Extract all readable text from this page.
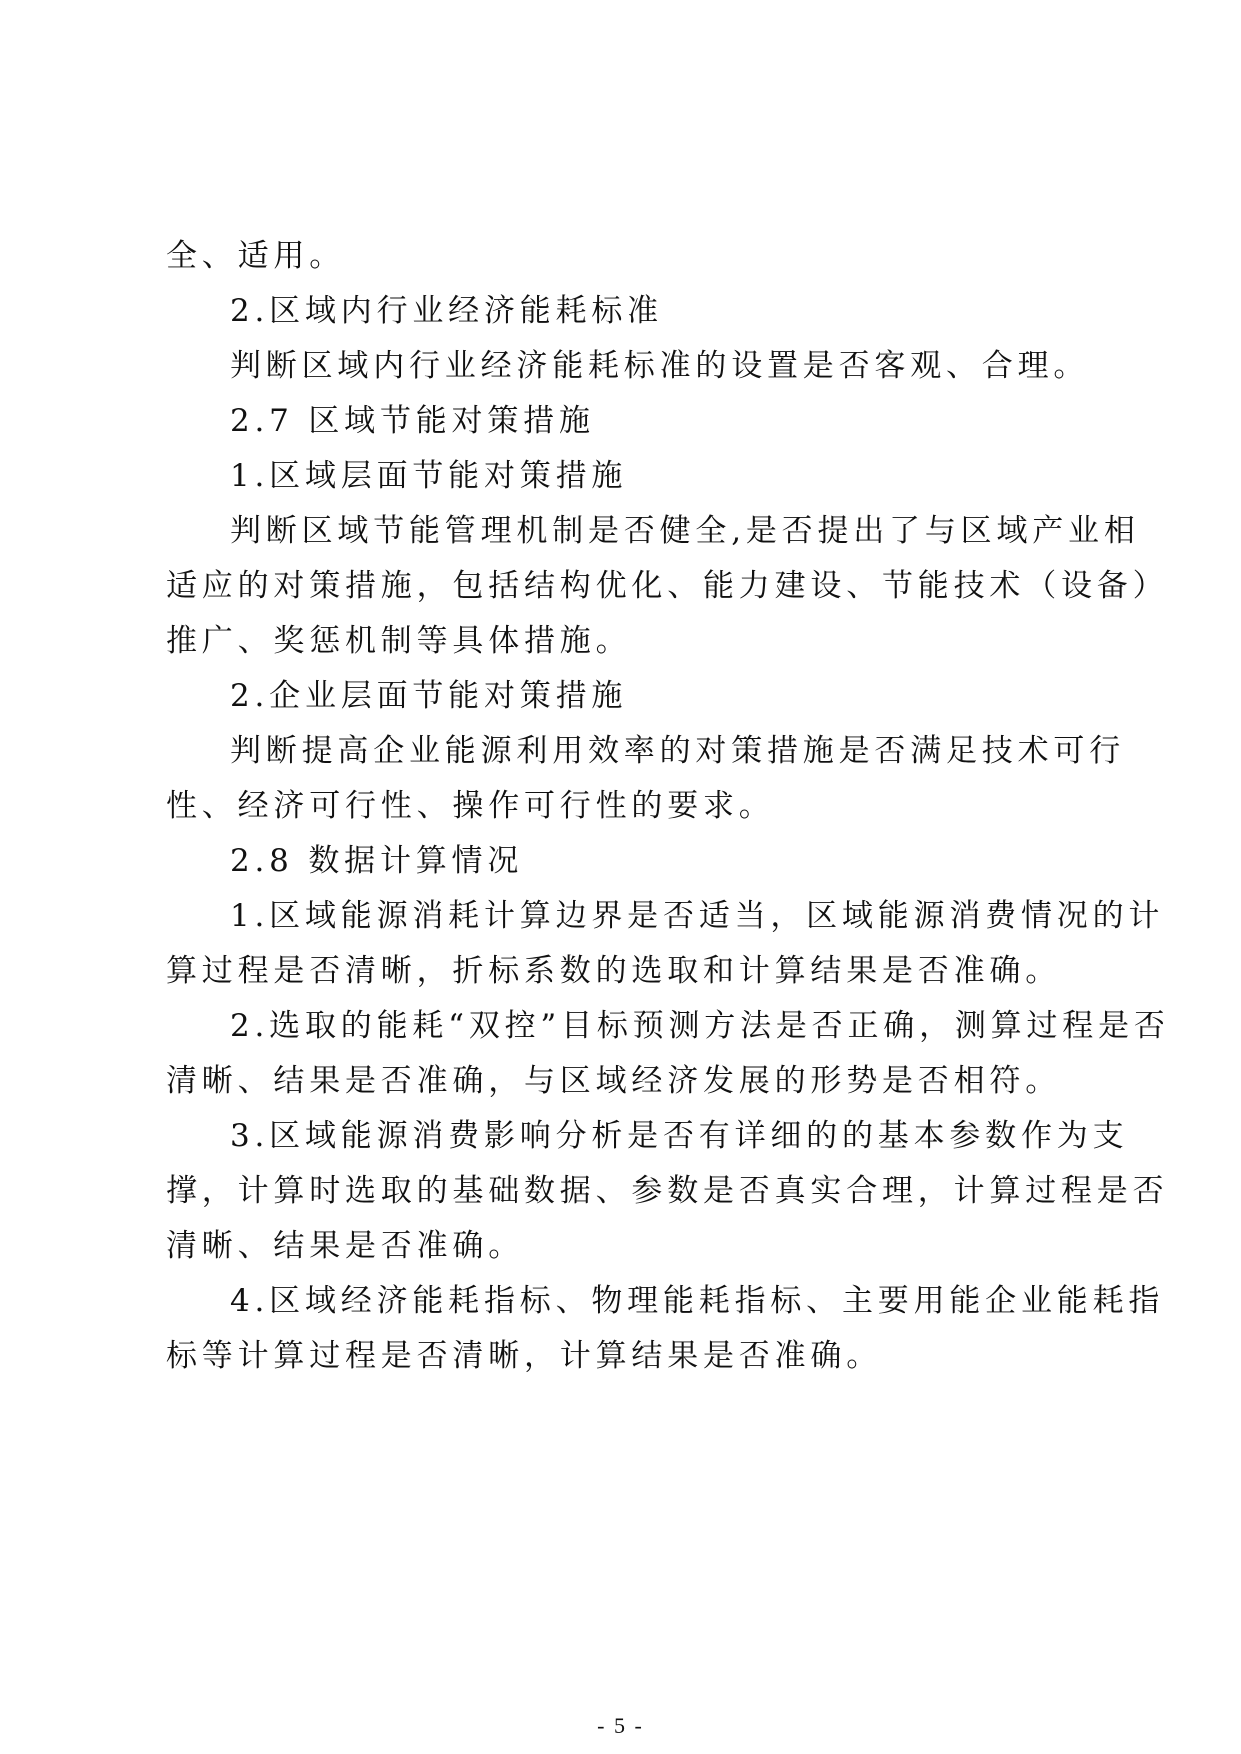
全、适用。
2.区域内行业经济能耗标准
判断区域内行业经济能耗标准的设置是否客观、合理。
2.7 区域节能对策措施
1.区域层面节能对策措施
判断区域节能管理机制是否健全,是否提出了与区域产业相
适应的对策措施，包括结构优化、能力建设、节能技术（设备）
推广、奖惩机制等具体措施。
2.企业层面节能对策措施
判断提高企业能源利用效率的对策措施是否满足技术可行
性、经济可行性、操作可行性的要求。
2.8 数据计算情况
1.区域能源消耗计算边界是否适当，区域能源消费情况的计
算过程是否清晰，折标系数的选取和计算结果是否准确。
2.选取的能耗“双控”目标预测方法是否正确，测算过程是否
清晰、结果是否准确，与区域经济发展的形势是否相符。
3.区域能源消费影响分析是否有详细的的基本参数作为支
撑，计算时选取的基础数据、参数是否真实合理，计算过程是否
清晰、结果是否准确。
4.区域经济能耗指标、物理能耗指标、主要用能企业能耗指
标等计算过程是否清晰，计算结果是否准确。
- 5 -
